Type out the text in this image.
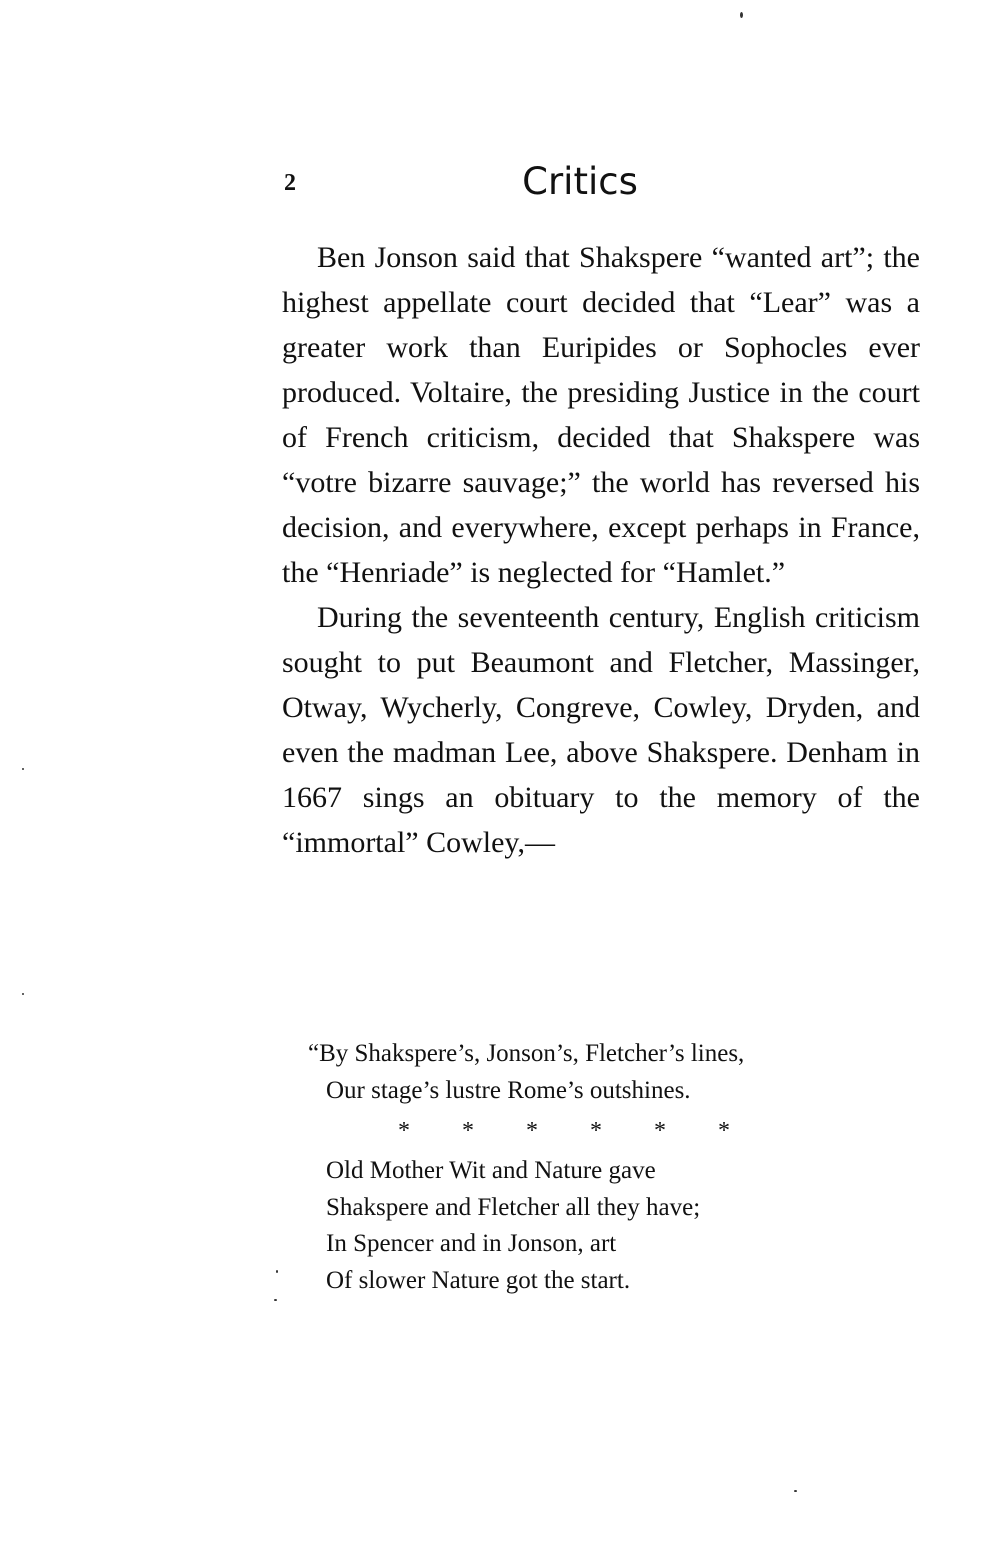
2	Critics

Ben Jonson said that Shakspere “wanted art”; the highest appellate court decided that “Lear” was a greater work than Euripides or Sophocles ever produced. Voltaire, the presiding Justice in the court of French criticism, decided that Shakspere was “votre bizarre sauvage;” the world has reversed his decision, and everywhere, except perhaps in France, the “Henriade” is neglected for “Hamlet.”

During the seventeenth century, English criticism sought to put Beaumont and Fletcher, Massinger, Otway, Wycherly, Congreve, Cowley, Dryden, and even the madman Lee, above Shakspere. Denham in 1667 sings an obituary to the memory of the “immortal” Cowley,—

“By Shakspere’s, Jonson’s, Fletcher’s lines,
Our stage’s lustre Rome’s outshines.
* * * * * *
Old Mother Wit and Nature gave
Shakspere and Fletcher all they have;
In Spencer and in Jonson, art
Of slower Nature got the start.
